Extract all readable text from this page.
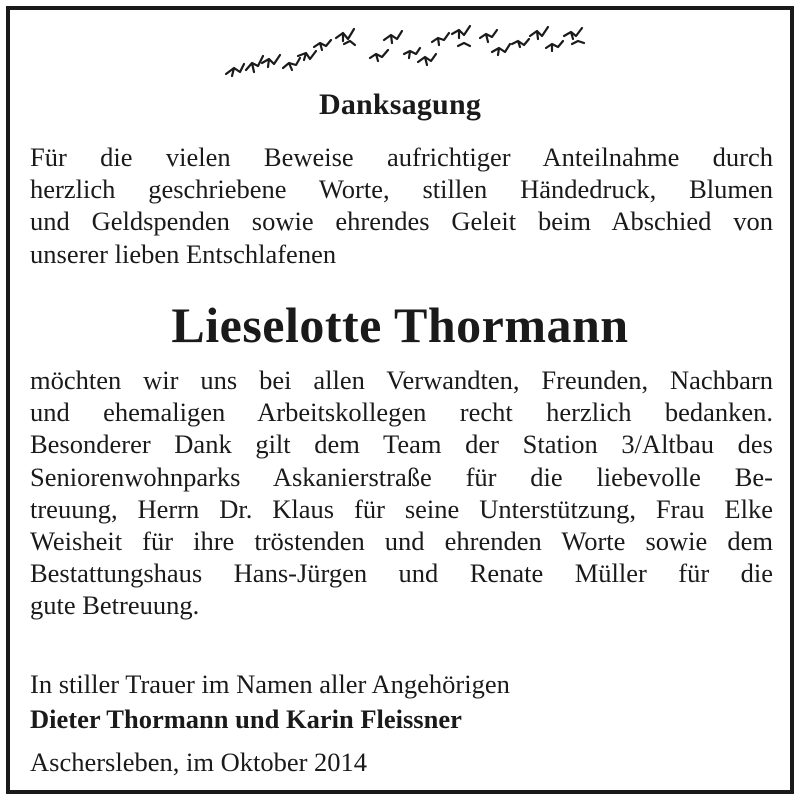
Danksagung
Für die vielen Beweise aufrichtiger Anteilnahme durch
herzlich geschriebene Worte, stillen Händedruck, Blumen
und Geldspenden sowie ehrendes Geleit beim Abschied von
unserer lieben Entschlafenen
Lieselotte Thormann
möchten wir uns bei allen Verwandten, Freunden, Nachbarn
und ehemaligen Arbeitskollegen recht herzlich bedanken.
Besonderer Dank gilt dem Team der Station 3/Altbau des
Seniorenwohnparks Askanierstraße für die liebevolle Be-
treuung, Herrn Dr. Klaus für seine Unterstützung, Frau Elke
Weisheit für ihre tröstenden und ehrenden Worte sowie dem
Bestattungshaus Hans-Jürgen und Renate Müller für die
gute Betreuung.
In stiller Trauer im Namen aller Angehörigen
Dieter Thormann und Karin Fleissner
Aschersleben, im Oktober 2014
